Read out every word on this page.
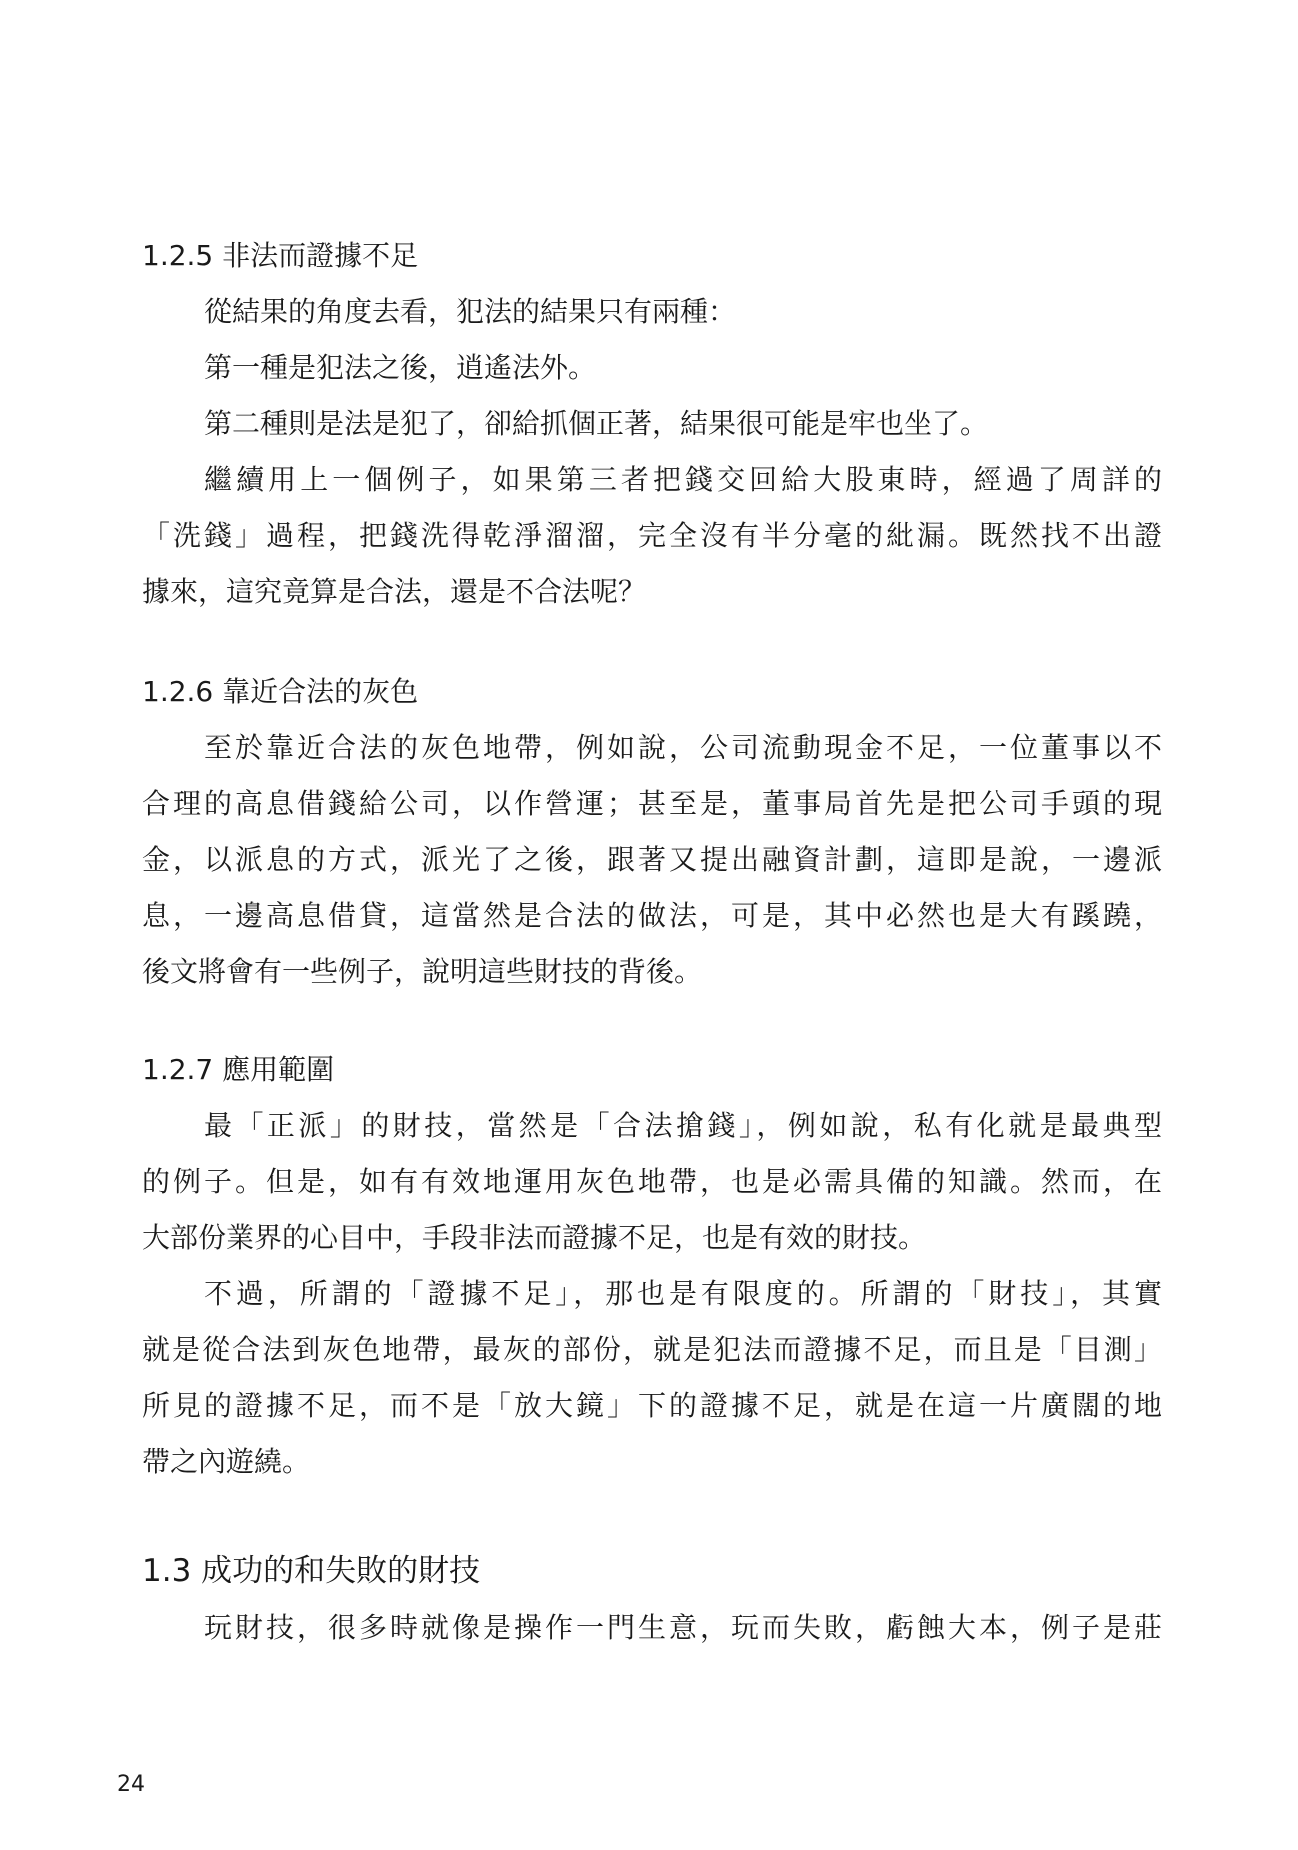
1.2.5 非法而證據不足

從結果的角度去看，犯法的結果只有兩種：

第一種是犯法之後，逍遙法外。

第二種則是法是犯了，卻給抓個正著，結果很可能是牢也坐了。

繼續用上一個例子，如果第三者把錢交回給大股東時，經過了周詳的

「洗錢」過程，把錢洗得乾淨溜溜，完全沒有半分毫的紕漏。既然找不出證

據來，這究竟算是合法，還是不合法呢？

1.2.6 靠近合法的灰色

至於靠近合法的灰色地帶，例如說，公司流動現金不足，一位董事以不

合理的高息借錢給公司，以作營運；甚至是，董事局首先是把公司手頭的現

金，以派息的方式，派光了之後，跟著又提出融資計劃，這即是說，一邊派

息，一邊高息借貸，這當然是合法的做法，可是，其中必然也是大有蹊蹺，

後文將會有一些例子，說明這些財技的背後。

1.2.7 應用範圍

最「正派」的財技，當然是「合法搶錢」，例如說，私有化就是最典型

的例子。但是，如有有效地運用灰色地帶，也是必需具備的知識。然而，在

大部份業界的心目中，手段非法而證據不足，也是有效的財技。

不過，所謂的「證據不足」，那也是有限度的。所謂的「財技」，其實

就是從合法到灰色地帶，最灰的部份，就是犯法而證據不足，而且是「目測」

所見的證據不足，而不是「放大鏡」下的證據不足，就是在這一片廣闊的地

帶之內遊繞。

1.3 成功的和失敗的財技

玩財技，很多時就像是操作一門生意，玩而失敗，虧蝕大本，例子是莊

24
